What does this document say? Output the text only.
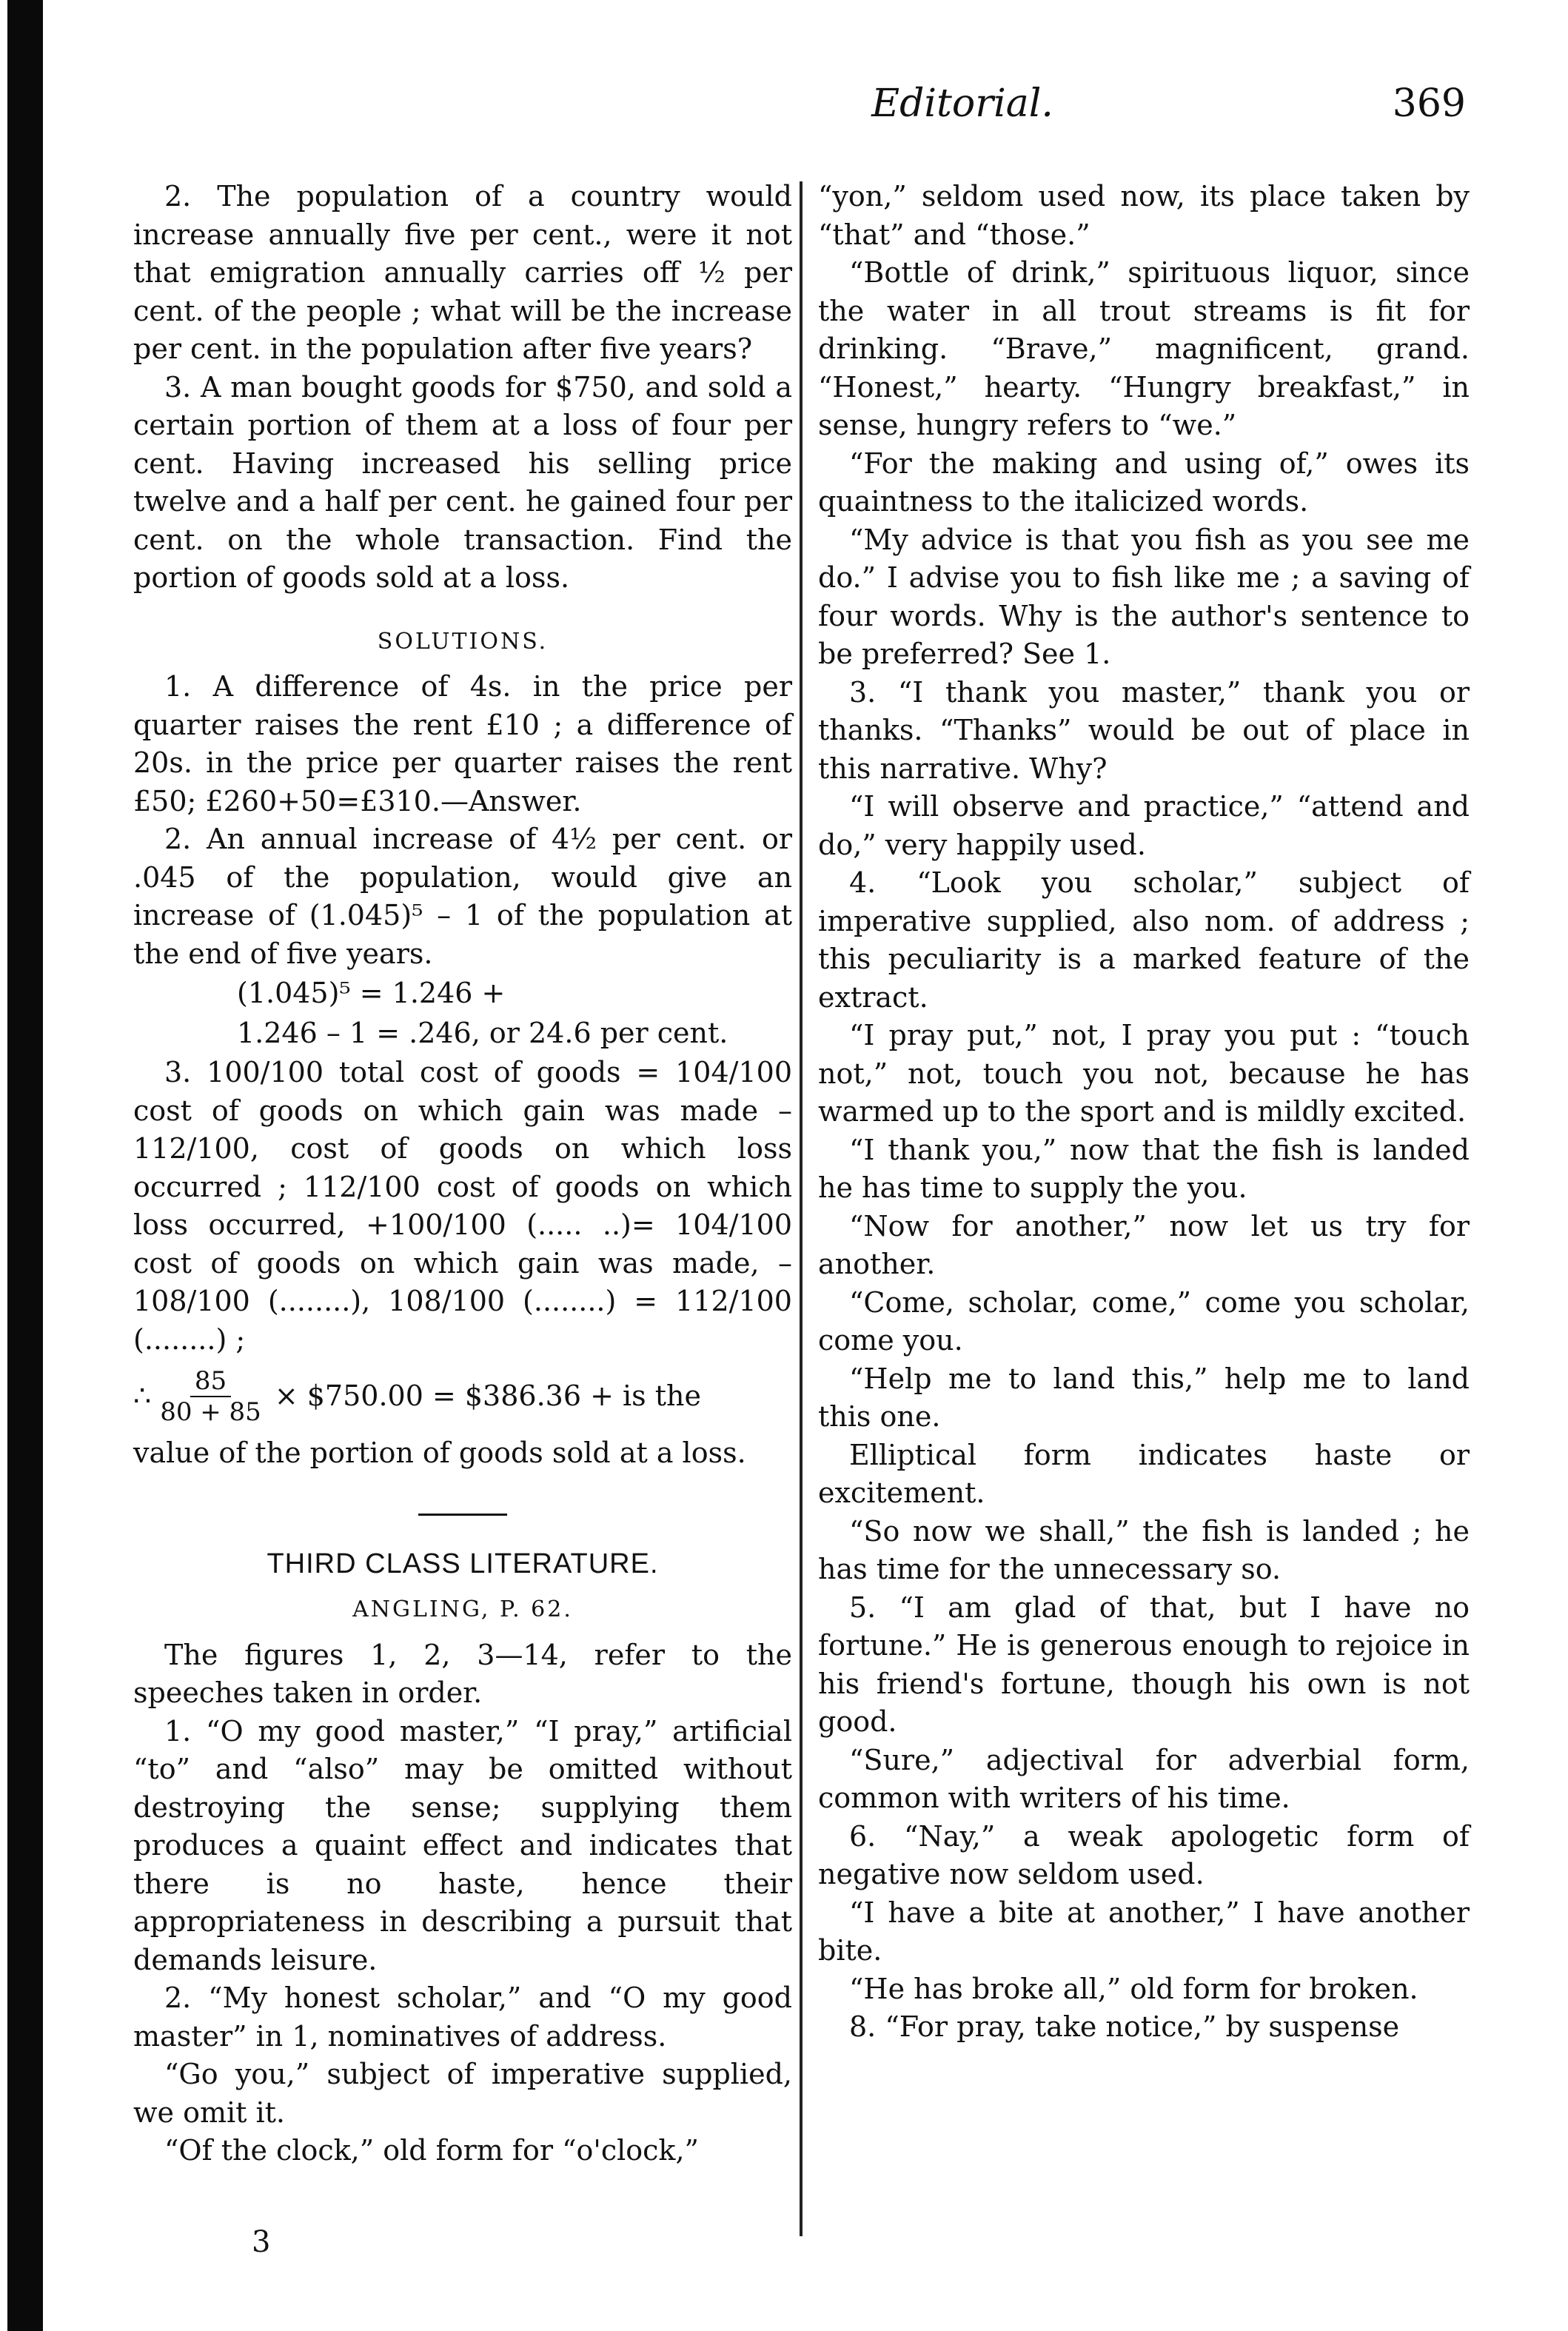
Editorial.	369

2. The population of a country would increase annually five per cent., were it not that emigration annually carries off ½ per cent. of the people ; what will be the increase per cent. in the population after five years?

3. A man bought goods for $750, and sold a certain portion of them at a loss of four per cent. Having increased his selling price twelve and a half per cent. he gained four per cent. on the whole transaction. Find the portion of goods sold at a loss.

SOLUTIONS.

1. A difference of 4s. in the price per quarter raises the rent £10 ; a difference of 20s. in the price per quarter raises the rent £50; £260+50=£310.—Answer.

2. An annual increase of 4½ per cent. or .045 of the population, would give an increase of (1.045)⁵ – 1 of the population at the end of five years.

(1.045)⁵ = 1.246 +

1.246 – 1 = .246, or 24.6 per cent.

3. 100/100 total cost of goods = 104/100 cost of goods on which gain was made – 112/100, cost of goods on which loss occurred ; 112/100 cost of goods on which loss occurred, +100/100 (..... ..)= 104/100 cost of goods on which gain was made, – 108/100 (........), 108/100 (........) = 112/100 (........) ;

∴ $\frac{85}{80 + 85}$ × $750.00 = $386.36 + is the

value of the portion of goods sold at a loss.

THIRD CLASS LITERATURE.

ANGLING, P. 62.

The figures 1, 2, 3—14, refer to the speeches taken in order.

1. “O my good master,” “I pray,” artificial “to” and “also” may be omitted without destroying the sense; supplying them produces a quaint effect and indicates that there is no haste, hence their appropriateness in describing a pursuit that demands leisure.

2. “My honest scholar,” and “O my good master” in 1, nominatives of address.

“Go you,” subject of imperative supplied, we omit it.

“Of the clock,” old form for “o'clock,”

“yon,” seldom used now, its place taken by “that” and “those.”

“Bottle of drink,” spirituous liquor, since the water in all trout streams is fit for drinking. “Brave,” magnificent, grand. “Honest,” hearty. “Hungry breakfast,” in sense, hungry refers to “we.”

“For the making and using of,” owes its quaintness to the italicized words.

“My advice is that you fish as you see me do.” I advise you to fish like me ; a saving of four words. Why is the author's sentence to be preferred? See 1.

3. “I thank you master,” thank you or thanks. “Thanks” would be out of place in this narrative. Why?

“I will observe and practice,” “attend and do,” very happily used.

4. “Look you scholar,” subject of imperative supplied, also nom. of address ; this peculiarity is a marked feature of the extract.

“I pray put,” not, I pray you put : “touch not,” not, touch you not, because he has warmed up to the sport and is mildly excited.

“I thank you,” now that the fish is landed he has time to supply the you.

“Now for another,” now let us try for another.

“Come, scholar, come,” come you scholar, come you.

“Help me to land this,” help me to land this one.

Elliptical form indicates haste or excitement.

“So now we shall,” the fish is landed ; he has time for the unnecessary so.

5. “I am glad of that, but I have no fortune.” He is generous enough to rejoice in his friend's fortune, though his own is not good.

“Sure,” adjectival for adverbial form, common with writers of his time.

6. “Nay,” a weak apologetic form of negative now seldom used.

“I have a bite at another,” I have another bite.

“He has broke all,” old form for broken.

8. “For pray, take notice,” by suspense

3
